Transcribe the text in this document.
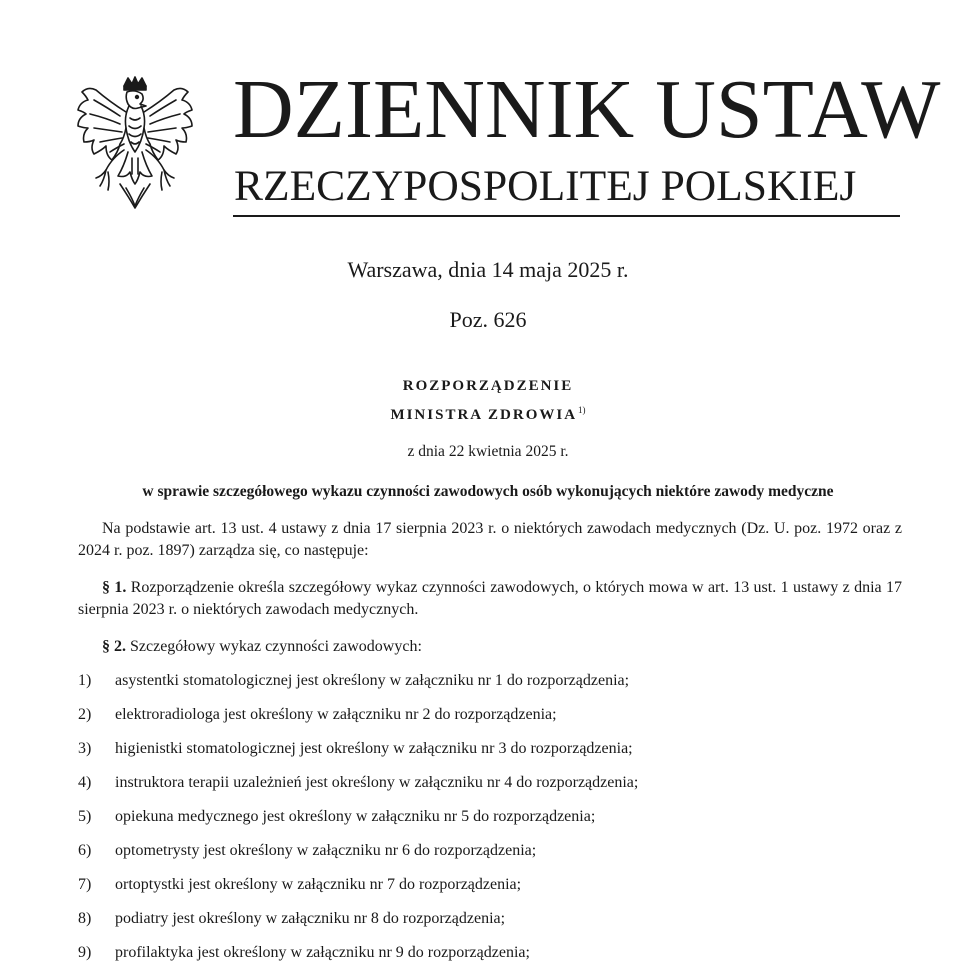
DZIENNIK USTAW
RZECZYPOSPOLITEJ POLSKIEJ
Warszawa, dnia 14 maja 2025 r.
Poz. 626
ROZPORZĄDZENIE
MINISTRA ZDROWIA$^{1)}$
z dnia 22 kwietnia 2025 r.
w sprawie szczegółowego wykazu czynności zawodowych osób wykonujących niektóre zawody medyczne

Na podstawie art. 13 ust. 4 ustawy z dnia 17 sierpnia 2023 r. o niektórych zawodach medycznych (Dz. U. poz. 1972 oraz z 2024 r. poz. 1897) zarządza się, co następuje:

§ 1. Rozporządzenie określa szczegółowy wykaz czynności zawodowych, o których mowa w art. 13 ust. 1 ustawy z dnia 17 sierpnia 2023 r. o niektórych zawodach medycznych.

§ 2. Szczegółowy wykaz czynności zawodowych:

1) asystentki stomatologicznej jest określony w załączniku nr 1 do rozporządzenia;
2) elektroradiologa jest określony w załączniku nr 2 do rozporządzenia;
3) higienistki stomatologicznej jest określony w załączniku nr 3 do rozporządzenia;
4) instruktora terapii uzależnień jest określony w załączniku nr 4 do rozporządzenia;
5) opiekuna medycznego jest określony w załączniku nr 5 do rozporządzenia;
6) optometrysty jest określony w załączniku nr 6 do rozporządzenia;
7) ortoptystki jest określony w załączniku nr 7 do rozporządzenia;
8) podiatry jest określony w załączniku nr 8 do rozporządzenia;
9) profilaktyka jest określony w załączniku nr 9 do rozporządzenia;
